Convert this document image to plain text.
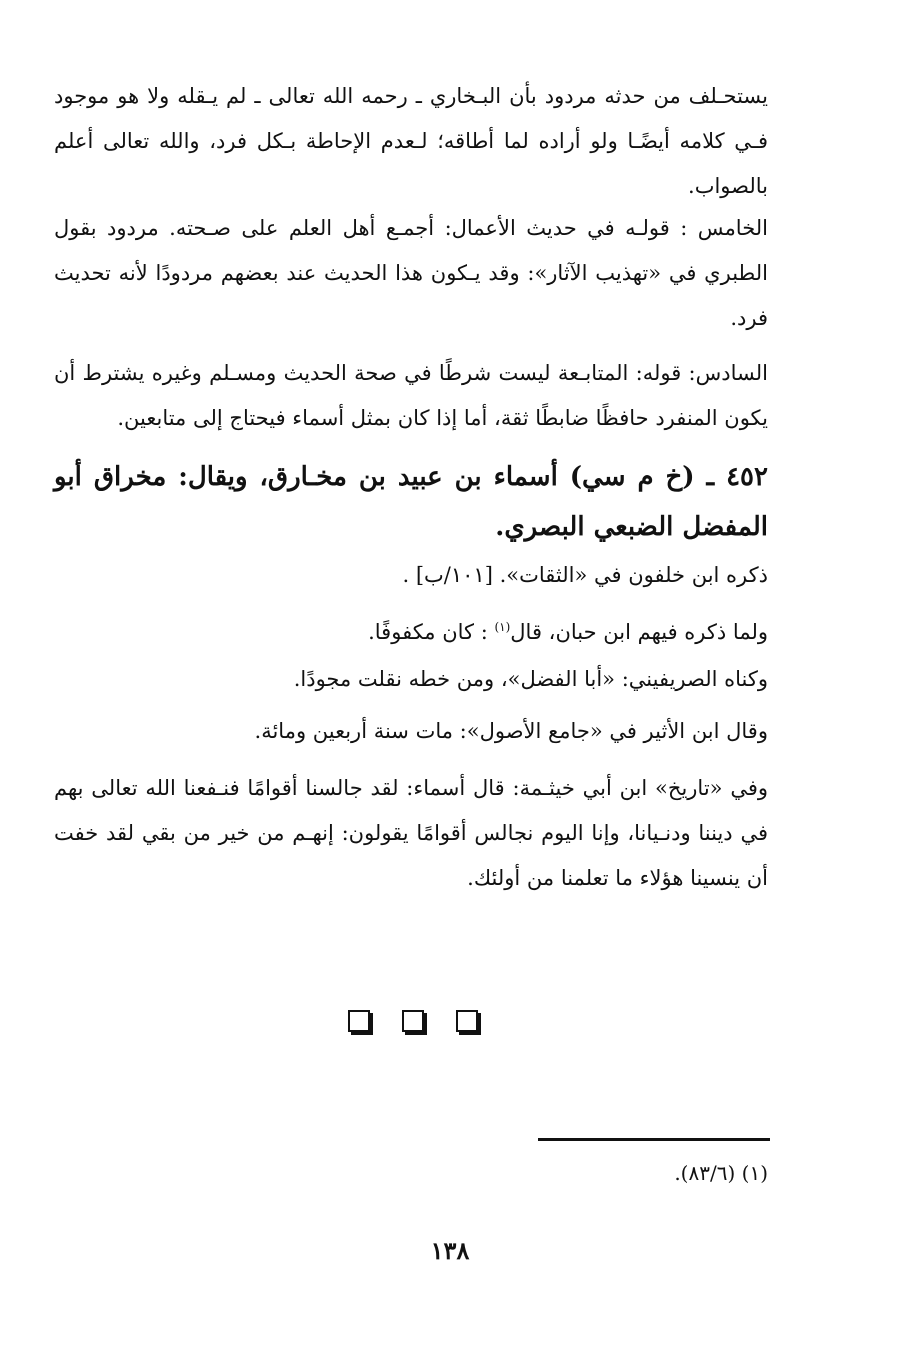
يستحـلف من حدثه مردود بأن البـخاري ـ رحمه الله تعالى ـ لم يـقله ولا هو موجود فـي كلامه أيضًـا ولو أراده لما أطاقه؛ لـعدم الإحاطة بـكل فرد، والله تعالى أعلم بالصواب.
الخامس : قولـه في حديث الأعمال: أجمـع أهل العلم على صـحته. مردود بقول الطبري في «تهذيب الآثار»: وقد يـكون هذا الحديث عند بعضهم مردودًا لأنه تحديث فرد.
السادس: قوله: المتابـعة ليست شرطًا في صحة الحديث ومسـلم وغيره يشترط أن يكون المنفرد حافظًا ضابطًا ثقة، أما إذا كان بمثل أسماء فيحتاج إلى متابعين.
٤٥٢ ـ (خ م سي) أسماء بن عبيد بن مخـارق، ويقال: مخراق أبو المفضل الضبعي البصري.
ذكره ابن خلفون في «الثقات». [١٠١/ب] .
ولما ذكره فيهم ابن حبان، قال$^{(١)}$ : كان مكفوفًا.
وكناه الصريفيني: «أبا الفضل»، ومن خطه نقلت مجودًا.
وقال ابن الأثير في «جامع الأصول»: مات سنة أربعين ومائة.
وفي «تاريخ» ابن أبي خيثـمة: قال أسماء: لقد جالسنا أقوامًا فنـفعنا الله تعالى بهم في ديننا ودنـيانا، وإنا اليوم نجالس أقوامًا يقولون: إنهـم من خير من بقي لقد خفت أن ينسينا هؤلاء ما تعلمنا من أولئك.
(١) (٨٣/٦).
١٣٨
